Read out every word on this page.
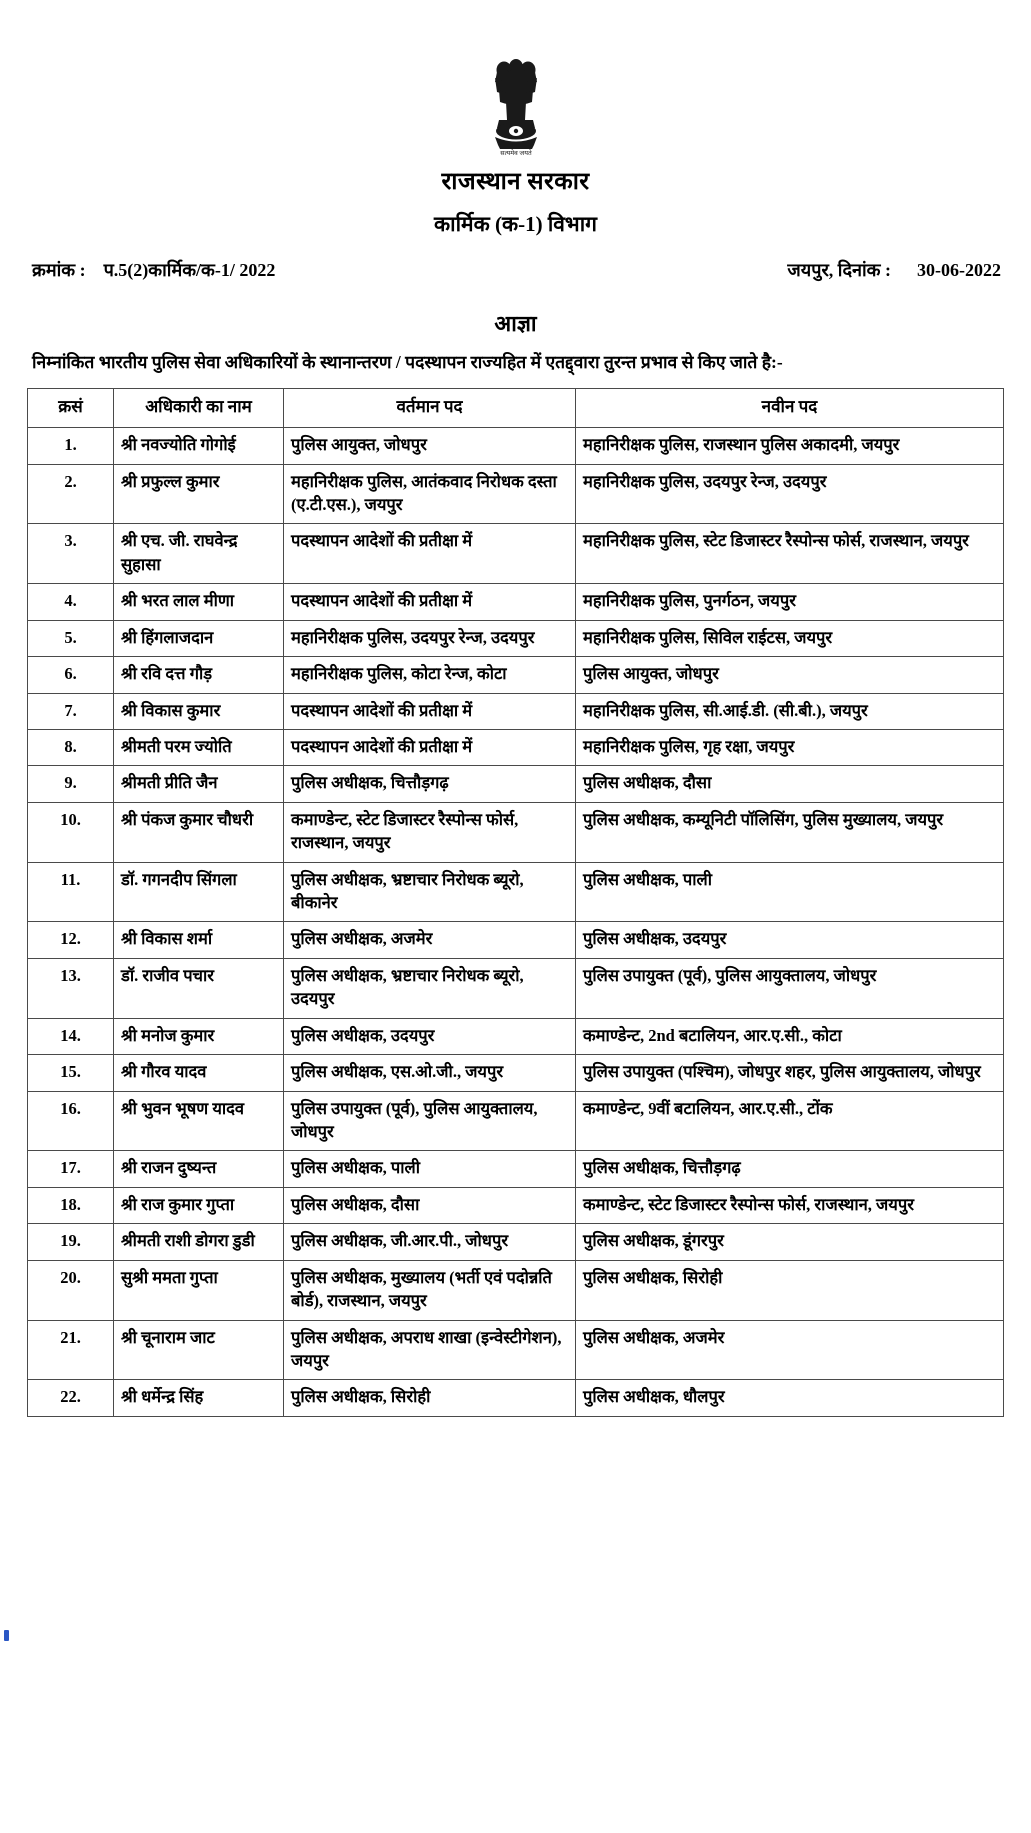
सत्यमेव जयते
राजस्थान सरकार
कार्मिक (क-1) विभाग
क्रमांक : प.5(2)कार्मिक/क-1/ 2022	जयपुर, दिनांक : 30-06-2022
आज्ञा
निम्नांकित भारतीय पुलिस सेवा अधिकारियों के स्थानान्तरण / पदस्थापन राज्यहित में एतद्द्वारा तुरन्त प्रभाव से किए जाते है:-
क्रसं	अधिकारी का नाम	वर्तमान पद	नवीन पद
1.	श्री नवज्योति गोगोई	पुलिस आयुक्त, जोधपुर	महानिरीक्षक पुलिस, राजस्थान पुलिस अकादमी, जयपुर
2.	श्री प्रफुल्ल कुमार	महानिरीक्षक पुलिस, आतंकवाद निरोधक दस्ता (ए.टी.एस.), जयपुर	महानिरीक्षक पुलिस, उदयपुर रेन्ज, उदयपुर
3.	श्री एच. जी. राघवेन्द्र सुहासा	पदस्थापन आदेशों की प्रतीक्षा में	महानिरीक्षक पुलिस, स्टेट डिजास्टर रैस्पोन्स फोर्स, राजस्थान, जयपुर
4.	श्री भरत लाल मीणा	पदस्थापन आदेशों की प्रतीक्षा में	महानिरीक्षक पुलिस, पुनर्गठन, जयपुर
5.	श्री हिंगलाजदान	महानिरीक्षक पुलिस, उदयपुर रेन्ज, उदयपुर	महानिरीक्षक पुलिस, सिविल राईटस, जयपुर
6.	श्री रवि दत्त गौड़	महानिरीक्षक पुलिस, कोटा रेन्ज, कोटा	पुलिस आयुक्त, जोधपुर
7.	श्री विकास कुमार	पदस्थापन आदेशों की प्रतीक्षा में	महानिरीक्षक पुलिस, सी.आई.डी. (सी.बी.), जयपुर
8.	श्रीमती परम ज्योति	पदस्थापन आदेशों की प्रतीक्षा में	महानिरीक्षक पुलिस, गृह रक्षा, जयपुर
9.	श्रीमती प्रीति जैन	पुलिस अधीक्षक, चित्तौड़गढ़	पुलिस अधीक्षक, दौसा
10.	श्री पंकज कुमार चौधरी	कमाण्डेन्ट, स्टेट डिजास्टर रैस्पोन्स फोर्स, राजस्थान, जयपुर	पुलिस अधीक्षक, कम्यूनिटी पॉलिसिंग, पुलिस मुख्यालय, जयपुर
11.	डॉ. गगनदीप सिंगला	पुलिस अधीक्षक, भ्रष्टाचार निरोधक ब्यूरो, बीकानेर	पुलिस अधीक्षक, पाली
12.	श्री विकास शर्मा	पुलिस अधीक्षक, अजमेर	पुलिस अधीक्षक, उदयपुर
13.	डॉ. राजीव पचार	पुलिस अधीक्षक, भ्रष्टाचार निरोधक ब्यूरो, उदयपुर	पुलिस उपायुक्त (पूर्व), पुलिस आयुक्तालय, जोधपुर
14.	श्री मनोज कुमार	पुलिस अधीक्षक, उदयपुर	कमाण्डेन्ट, 2nd बटालियन, आर.ए.सी., कोटा
15.	श्री गौरव यादव	पुलिस अधीक्षक, एस.ओ.जी., जयपुर	पुलिस उपायुक्त (पश्चिम), जोधपुर शहर, पुलिस आयुक्तालय, जोधपुर
16.	श्री भुवन भूषण यादव	पुलिस उपायुक्त (पूर्व), पुलिस आयुक्तालय, जोधपुर	कमाण्डेन्ट, 9वीं बटालियन, आर.ए.सी., टोंक
17.	श्री राजन दुष्यन्त	पुलिस अधीक्षक, पाली	पुलिस अधीक्षक, चित्तौड़गढ़
18.	श्री राज कुमार गुप्ता	पुलिस अधीक्षक, दौसा	कमाण्डेन्ट, स्टेट डिजास्टर रैस्पोन्स फोर्स, राजस्थान, जयपुर
19.	श्रीमती राशी डोगरा डुडी	पुलिस अधीक्षक, जी.आर.पी., जोधपुर	पुलिस अधीक्षक, डूंगरपुर
20.	सुश्री ममता गुप्ता	पुलिस अधीक्षक, मुख्यालय (भर्ती एवं पदोन्नति बोर्ड), राजस्थान, जयपुर	पुलिस अधीक्षक, सिरोही
21.	श्री चूनाराम जाट	पुलिस अधीक्षक, अपराध शाखा (इन्वेस्टीगेशन), जयपुर	पुलिस अधीक्षक, अजमेर
22.	श्री धर्मेन्द्र सिंह	पुलिस अधीक्षक, सिरोही	पुलिस अधीक्षक, धौलपुर
